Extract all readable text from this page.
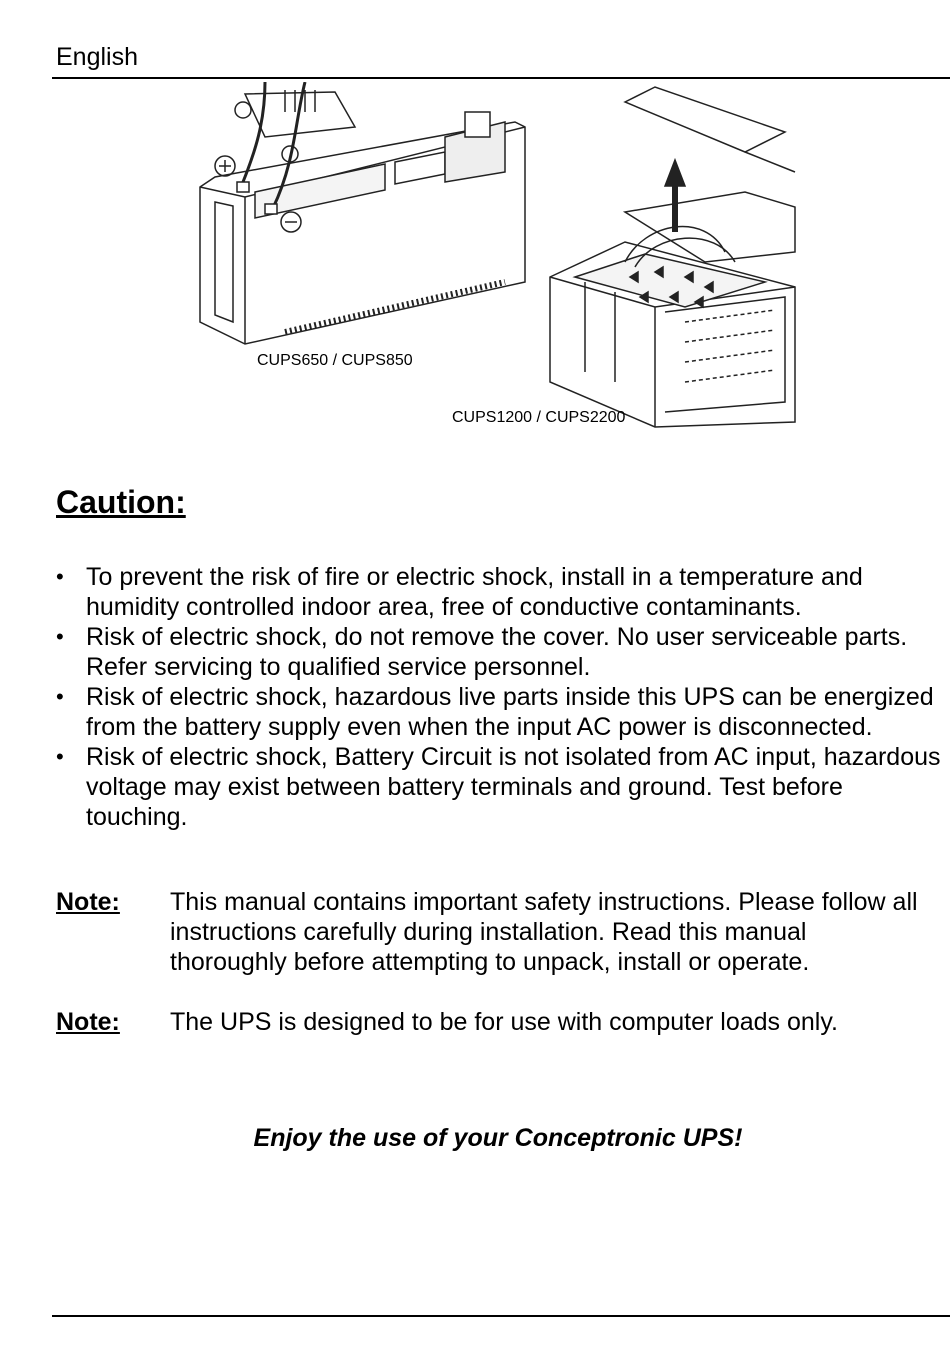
English
CUPS650 / CUPS850
CUPS1200 / CUPS2200
Caution:
• To prevent the risk of fire or electric shock, install in a temperature and humidity controlled indoor area, free of conductive contaminants.
• Risk of electric shock, do not remove the cover. No user serviceable parts. Refer servicing to qualified service personnel.
• Risk of electric shock, hazardous live parts inside this UPS can be energized from the battery supply even when the input AC power is disconnected.
• Risk of electric shock, Battery Circuit is not isolated from AC input, hazardous voltage may exist between battery terminals and ground. Test before touching.
Note: This manual contains important safety instructions. Please follow all instructions carefully during installation. Read this manual thoroughly before attempting to unpack, install or operate.
Note: The UPS is designed to be for use with computer loads only.
Enjoy the use of your Conceptronic UPS!
